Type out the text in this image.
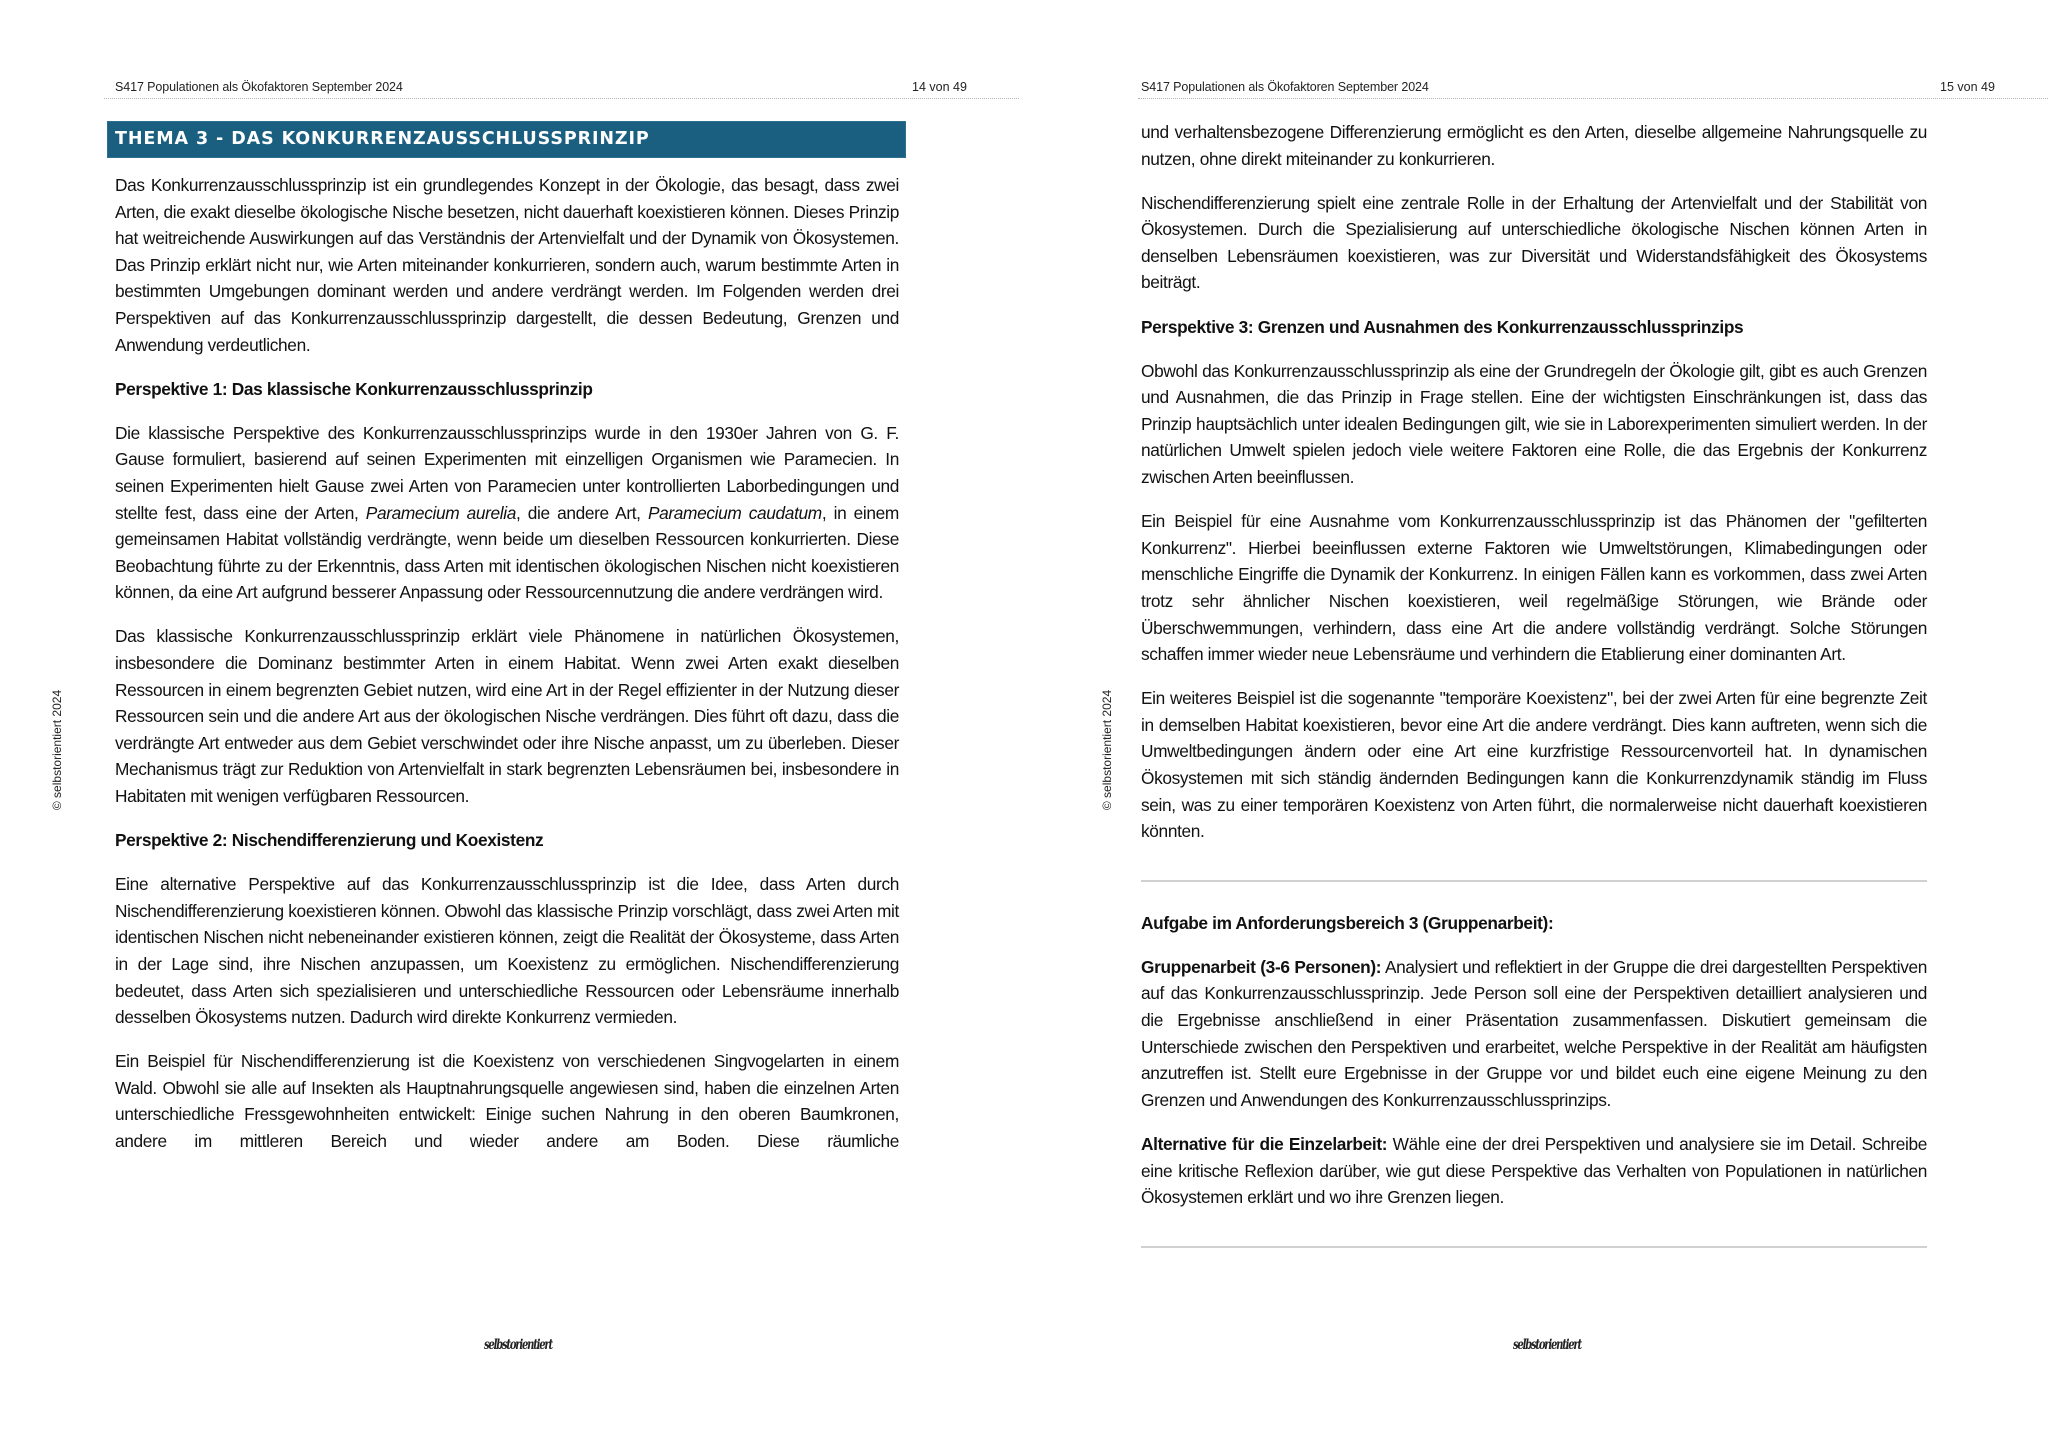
S417 Populationen als Ökofaktoren September 2024	14 von 49
THEMA 3 - DAS KONKURRENZAUSSCHLUSSPRINZIP
© selbstorientiert 2024

Das Konkurrenzausschlussprinzip ist ein grundlegendes Konzept in der Ökologie, das besagt, dass zwei Arten, die exakt dieselbe ökologische Nische besetzen, nicht dauerhaft koexistieren können. Dieses Prinzip hat weitreichende Auswirkungen auf das Verständnis der Artenvielfalt und der Dynamik von Ökosystemen. Das Prinzip erklärt nicht nur, wie Arten miteinander konkurrieren, sondern auch, warum bestimmte Arten in bestimmten Umgebungen dominant werden und andere verdrängt werden. Im Folgenden werden drei Perspektiven auf das Konkurrenzausschlussprinzip dargestellt, die dessen Bedeutung, Grenzen und Anwendung verdeutlichen.

Perspektive 1: Das klassische Konkurrenzausschlussprinzip

Die klassische Perspektive des Konkurrenzausschlussprinzips wurde in den 1930er Jahren von G. F. Gause formuliert, basierend auf seinen Experimenten mit einzelligen Organismen wie Paramecien. In seinen Experimenten hielt Gause zwei Arten von Paramecien unter kontrollierten Laborbedingungen und stellte fest, dass eine der Arten, Paramecium aurelia, die andere Art, Paramecium caudatum, in einem gemeinsamen Habitat vollständig verdrängte, wenn beide um dieselben Ressourcen konkurrierten. Diese Beobachtung führte zu der Erkenntnis, dass Arten mit identischen ökologischen Nischen nicht koexistieren können, da eine Art aufgrund besserer Anpassung oder Ressourcennutzung die andere verdrängen wird.

Das klassische Konkurrenzausschlussprinzip erklärt viele Phänomene in natürlichen Ökosystemen, insbesondere die Dominanz bestimmter Arten in einem Habitat. Wenn zwei Arten exakt dieselben Ressourcen in einem begrenzten Gebiet nutzen, wird eine Art in der Regel effizienter in der Nutzung dieser Ressourcen sein und die andere Art aus der ökologischen Nische verdrängen. Dies führt oft dazu, dass die verdrängte Art entweder aus dem Gebiet verschwindet oder ihre Nische anpasst, um zu überleben. Dieser Mechanismus trägt zur Reduktion von Artenvielfalt in stark begrenzten Lebensräumen bei, insbesondere in Habitaten mit wenigen verfügbaren Ressourcen.

Perspektive 2: Nischendifferenzierung und Koexistenz

Eine alternative Perspektive auf das Konkurrenzausschlussprinzip ist die Idee, dass Arten durch Nischendifferenzierung koexistieren können. Obwohl das klassische Prinzip vorschlägt, dass zwei Arten mit identischen Nischen nicht nebeneinander existieren können, zeigt die Realität der Ökosysteme, dass Arten in der Lage sind, ihre Nischen anzupassen, um Koexistenz zu ermöglichen. Nischendifferenzierung bedeutet, dass Arten sich spezialisieren und unterschiedliche Ressourcen oder Lebensräume innerhalb desselben Ökosystems nutzen. Dadurch wird direkte Konkurrenz vermieden.

Ein Beispiel für Nischendifferenzierung ist die Koexistenz von verschiedenen Singvogelarten in einem Wald. Obwohl sie alle auf Insekten als Hauptnahrungsquelle angewiesen sind, haben die einzelnen Arten unterschiedliche Fressgewohnheiten entwickelt: Einige suchen Nahrung in den oberen Baumkronen, andere im mittleren Bereich und wieder andere am Boden. Diese räumliche

selbstorientiert
S417 Populationen als Ökofaktoren September 2024	15 von 49
© selbstorientiert 2024

und verhaltensbezogene Differenzierung ermöglicht es den Arten, dieselbe allgemeine Nahrungsquelle zu nutzen, ohne direkt miteinander zu konkurrieren.

Nischendifferenzierung spielt eine zentrale Rolle in der Erhaltung der Artenvielfalt und der Stabilität von Ökosystemen. Durch die Spezialisierung auf unterschiedliche ökologische Nischen können Arten in denselben Lebensräumen koexistieren, was zur Diversität und Widerstandsfähigkeit des Ökosystems beiträgt.

Perspektive 3: Grenzen und Ausnahmen des Konkurrenzausschlussprinzips

Obwohl das Konkurrenzausschlussprinzip als eine der Grundregeln der Ökologie gilt, gibt es auch Grenzen und Ausnahmen, die das Prinzip in Frage stellen. Eine der wichtigsten Einschränkungen ist, dass das Prinzip hauptsächlich unter idealen Bedingungen gilt, wie sie in Laborexperimenten simuliert werden. In der natürlichen Umwelt spielen jedoch viele weitere Faktoren eine Rolle, die das Ergebnis der Konkurrenz zwischen Arten beeinflussen.

Ein Beispiel für eine Ausnahme vom Konkurrenzausschlussprinzip ist das Phänomen der "gefilterten Konkurrenz". Hierbei beeinflussen externe Faktoren wie Umweltstörungen, Klimabedingungen oder menschliche Eingriffe die Dynamik der Konkurrenz. In einigen Fällen kann es vorkommen, dass zwei Arten trotz sehr ähnlicher Nischen koexistieren, weil regelmäßige Störungen, wie Brände oder Überschwemmungen, verhindern, dass eine Art die andere vollständig verdrängt. Solche Störungen schaffen immer wieder neue Lebensräume und verhindern die Etablierung einer dominanten Art.

Ein weiteres Beispiel ist die sogenannte "temporäre Koexistenz", bei der zwei Arten für eine begrenzte Zeit in demselben Habitat koexistieren, bevor eine Art die andere verdrängt. Dies kann auftreten, wenn sich die Umweltbedingungen ändern oder eine Art eine kurzfristige Ressourcenvorteil hat. In dynamischen Ökosystemen mit sich ständig ändernden Bedingungen kann die Konkurrenzdynamik ständig im Fluss sein, was zu einer temporären Koexistenz von Arten führt, die normalerweise nicht dauerhaft koexistieren könnten.

Aufgabe im Anforderungsbereich 3 (Gruppenarbeit):

Gruppenarbeit (3-6 Personen): Analysiert und reflektiert in der Gruppe die drei dargestellten Perspektiven auf das Konkurrenzausschlussprinzip. Jede Person soll eine der Perspektiven detailliert analysieren und die Ergebnisse anschließend in einer Präsentation zusammenfassen. Diskutiert gemeinsam die Unterschiede zwischen den Perspektiven und erarbeitet, welche Perspektive in der Realität am häufigsten anzutreffen ist. Stellt eure Ergebnisse in der Gruppe vor und bildet euch eine eigene Meinung zu den Grenzen und Anwendungen des Konkurrenzausschlussprinzips.

Alternative für die Einzelarbeit: Wähle eine der drei Perspektiven und analysiere sie im Detail. Schreibe eine kritische Reflexion darüber, wie gut diese Perspektive das Verhalten von Populationen in natürlichen Ökosystemen erklärt und wo ihre Grenzen liegen.

selbstorientiert
